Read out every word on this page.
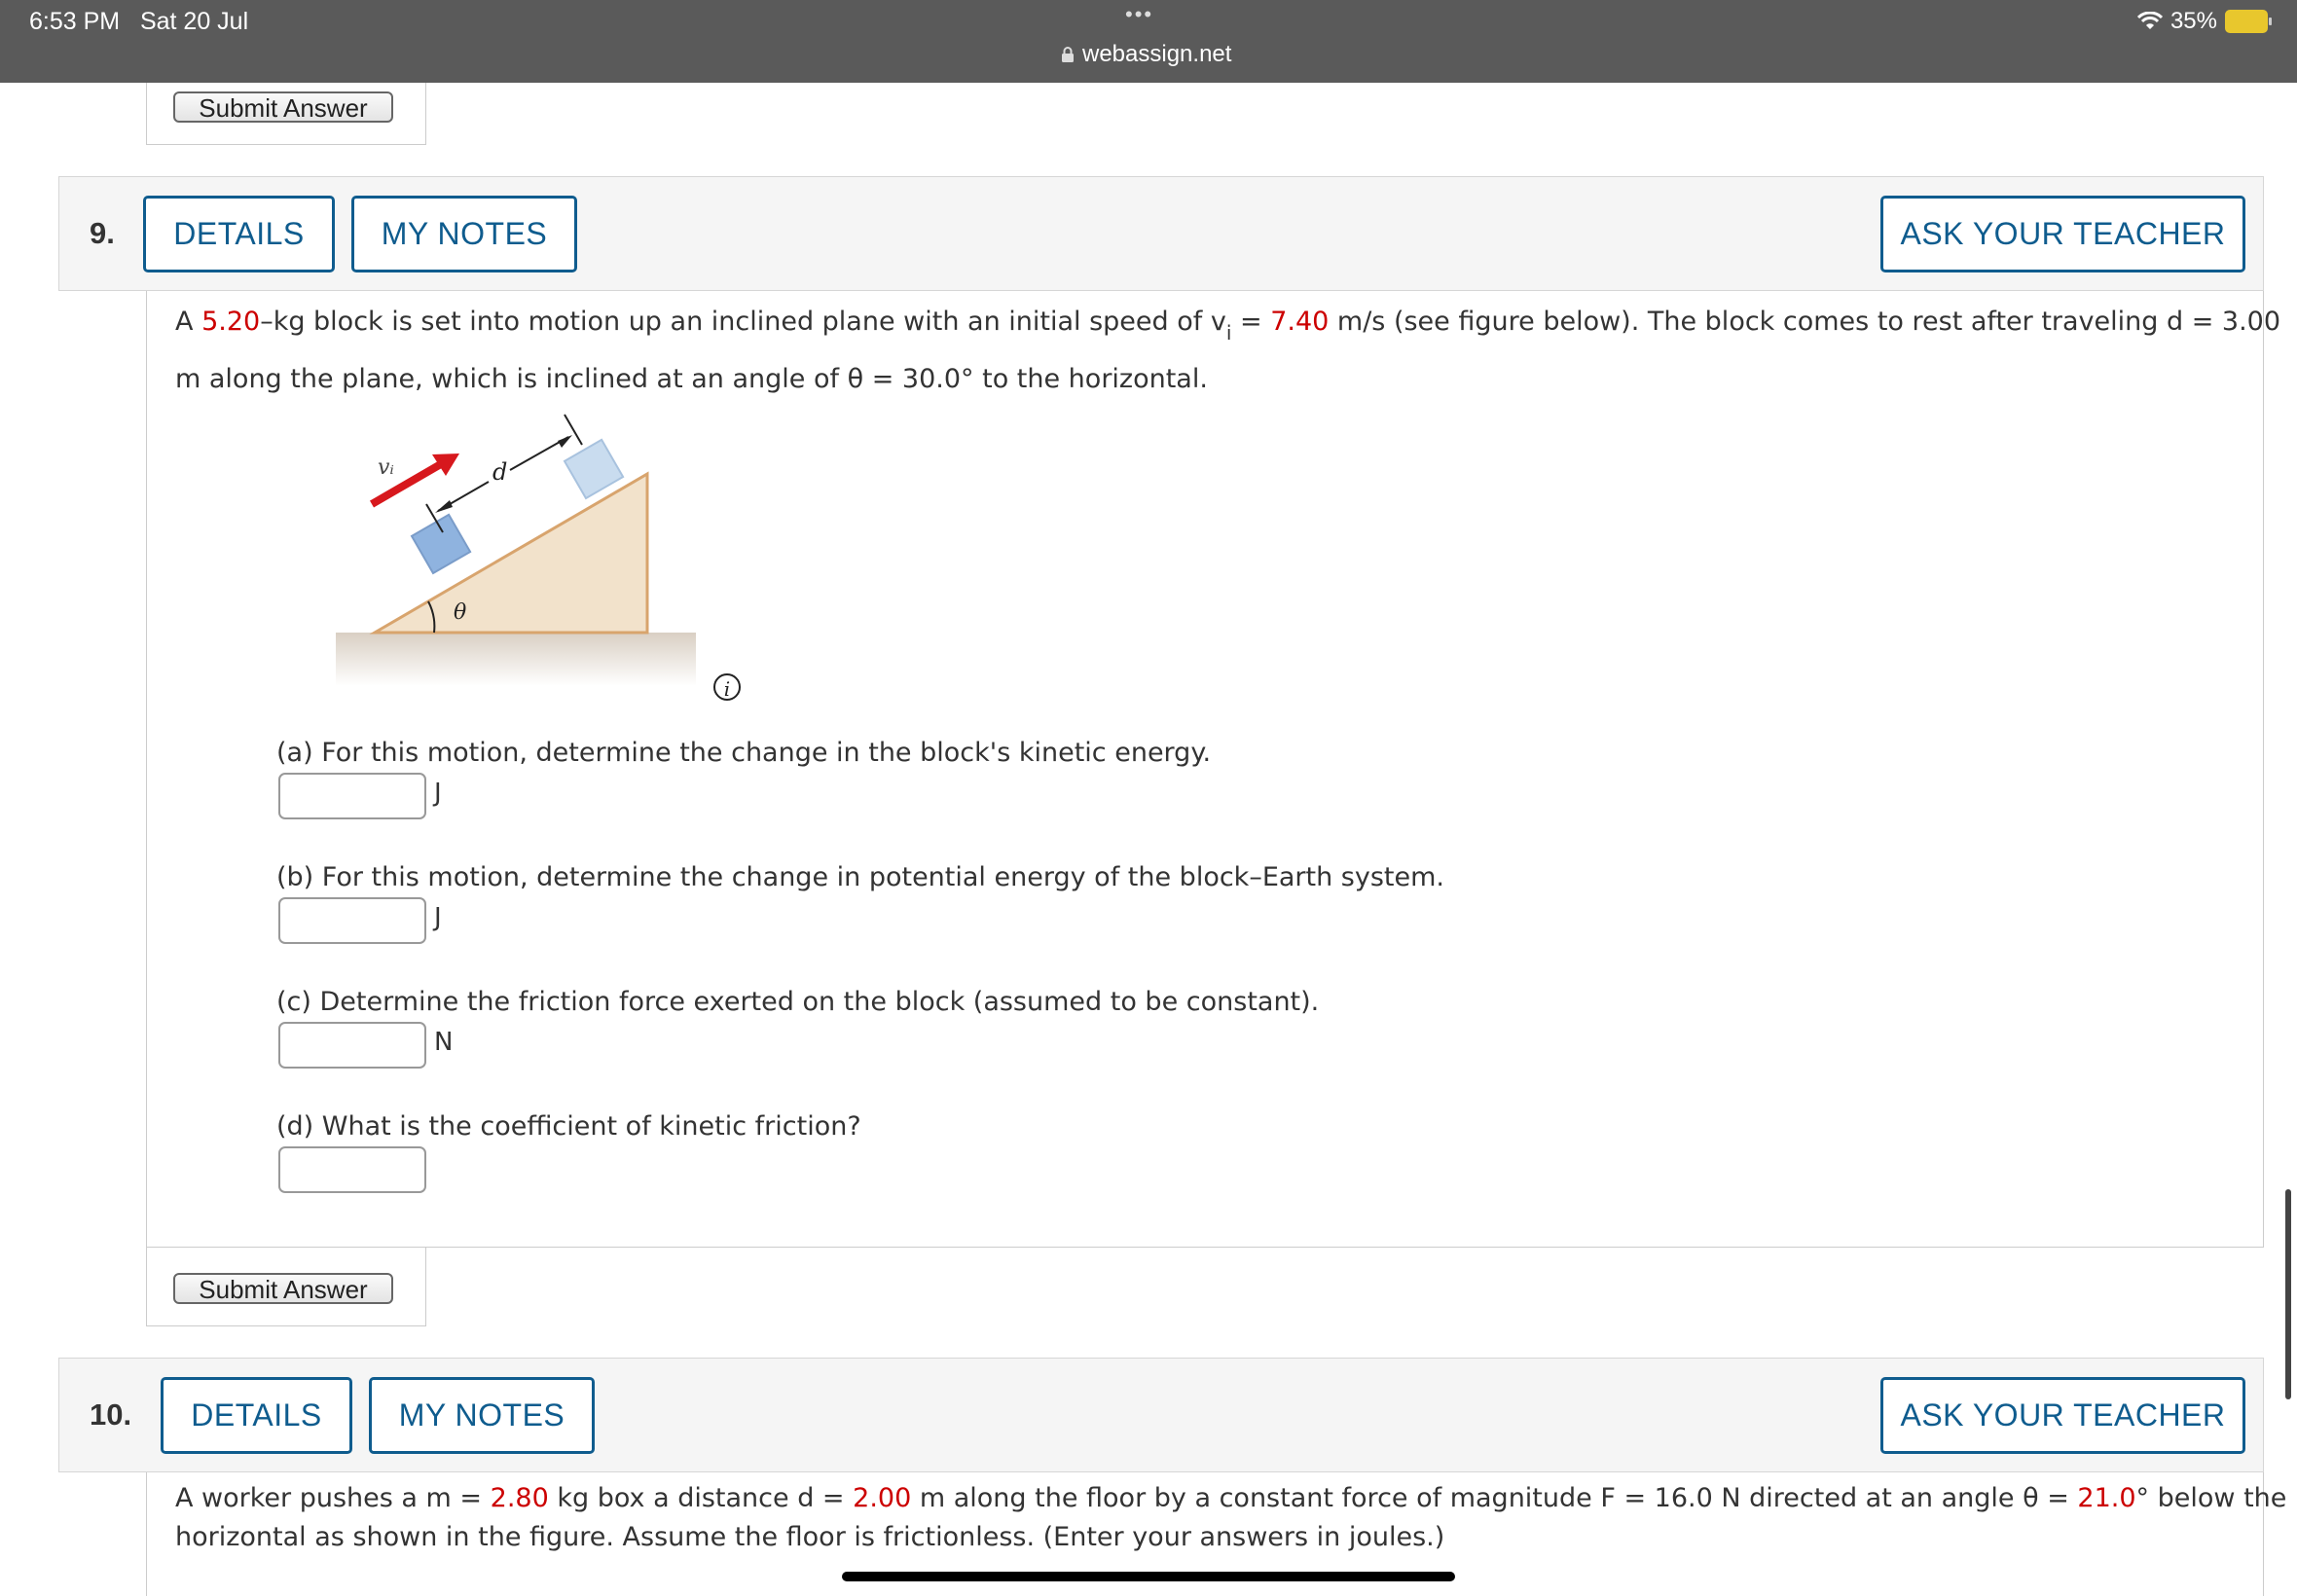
6:53 PM Sat 20 Jul	•••
webassign.net
35%
Submit Answer
9.	DETAILS	MY NOTES	ASK YOUR TEACHER
A 5.20–kg block is set into motion up an inclined plane with an initial speed of $v_i = 7.40$ m/s (see figure below). The block comes to rest after traveling d = 3.00
m along the plane, which is inclined at an angle of θ = 30.0° to the horizontal.
vᵢ	d
θ
i
(a) For this motion, determine the change in the block's kinetic energy.
J
(b) For this motion, determine the change in potential energy of the block–Earth system.
J
(c) Determine the friction force exerted on the block (assumed to be constant).
N
(d) What is the coefficient of kinetic friction?
Submit Answer
10.	DETAILS	MY NOTES	ASK YOUR TEACHER
A worker pushes a m = 2.80 kg box a distance d = 2.00 m along the floor by a constant force of magnitude F = 16.0 N directed at an angle θ = 21.0° below the
horizontal as shown in the figure. Assume the floor is frictionless. (Enter your answers in joules.)
